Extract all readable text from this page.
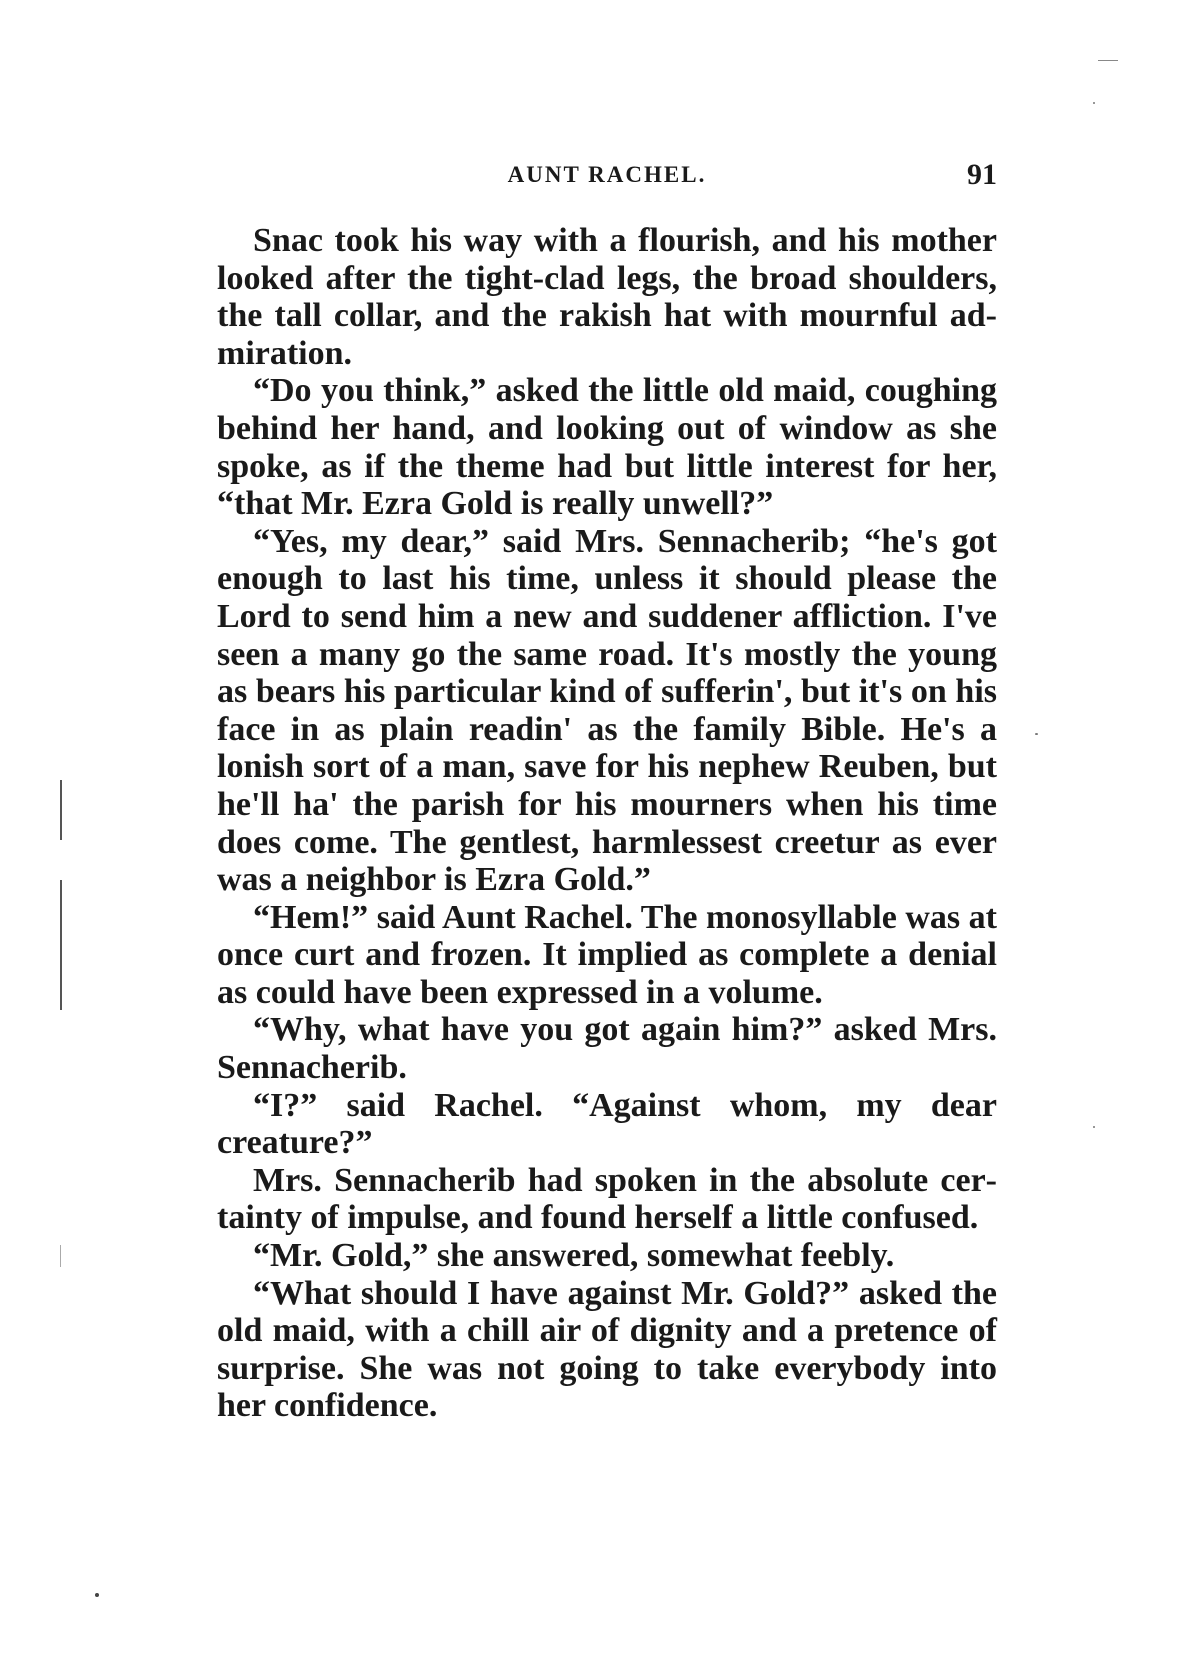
AUNT RACHEL.	91

Snac took his way with a flourish, and his mother looked after the tight-clad legs, the broad shoulders, the tall collar, and the rakish hat with mournful admiration.

“Do you think,” asked the little old maid, coughing behind her hand, and looking out of window as she spoke, as if the theme had but little interest for her, “that Mr. Ezra Gold is really unwell?”

“Yes, my dear,” said Mrs. Sennacherib; “he's got enough to last his time, unless it should please the Lord to send him a new and suddener affliction. I've seen a many go the same road. It's mostly the young as bears his particular kind of sufferin', but it's on his face in as plain readin' as the family Bible. He's a lonish sort of a man, save for his nephew Reuben, but he'll ha' the parish for his mourners when his time does come. The gentlest, harmlessest creetur as ever was a neighbor is Ezra Gold.”

“Hem!” said Aunt Rachel. The monosyllable was at once curt and frozen. It implied as complete a denial as could have been expressed in a volume.

“Why, what have you got again him?” asked Mrs. Sennacherib.

“I?” said Rachel. “Against whom, my dear creature?”

Mrs. Sennacherib had spoken in the absolute certainty of impulse, and found herself a little confused.

“Mr. Gold,” she answered, somewhat feebly.

“What should I have against Mr. Gold?” asked the old maid, with a chill air of dignity and a pretence of surprise. She was not going to take everybody into her confidence.
